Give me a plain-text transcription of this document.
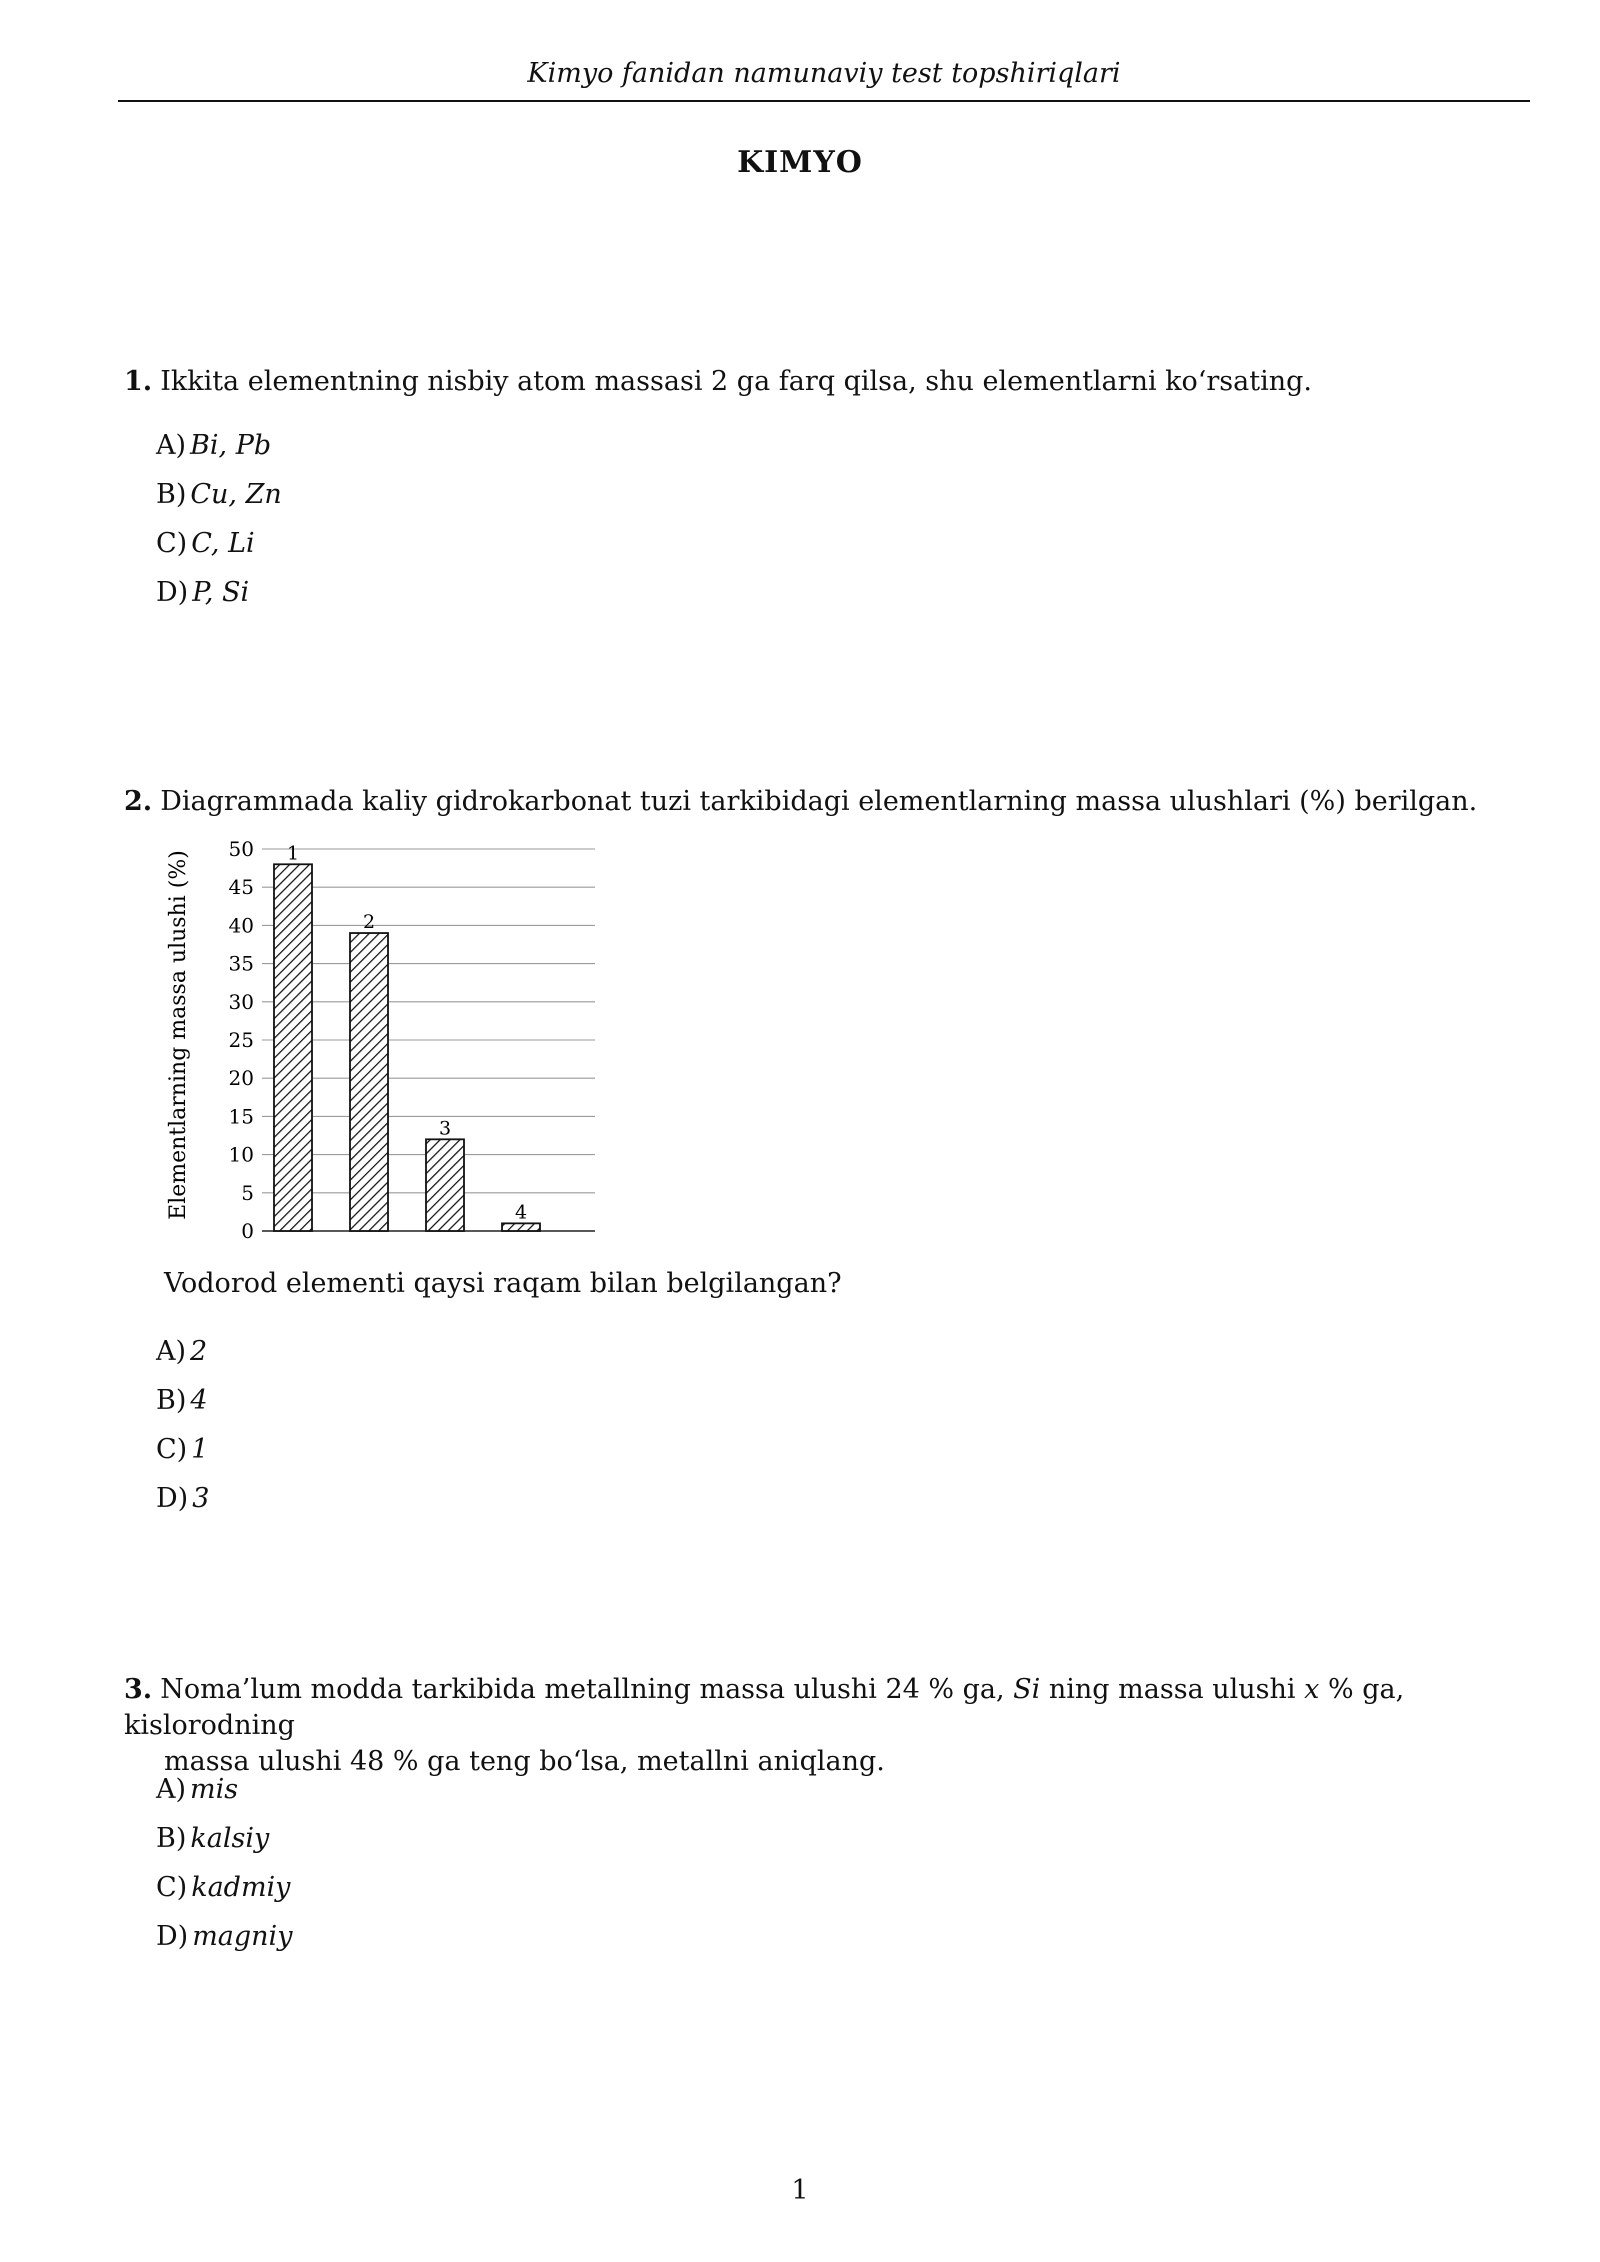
Kimyo fanidan namunaviy test topshiriqlari
KIMYO
1. Ikkita elementning nisbiy atom massasi 2 ga farq qilsa, shu elementlarni ko‘rsating.
A) Bi, Pb
B) Cu, Zn
C) C, Li
D) P, Si
2. Diagrammada kaliy gidrokarbonat tuzi tarkibidagi elementlarning massa ulushlari (%) berilgan.
0
5
10
15
20
25
30
35
40
45
50 1
2
3
4
Elementlarning massa ulushi (%)
Vodorod elementi qaysi raqam bilan belgilangan?
A) 2
B) 4
C) 1
D) 3
3. Noma’lum modda tarkibida metallning massa ulushi 24 % ga, Si ning massa ulushi x % ga, kislorodning
massa ulushi 48 % ga teng bo‘lsa, metallni aniqlang.
A) mis
B) kalsiy
C) kadmiy
D) magniy
1
